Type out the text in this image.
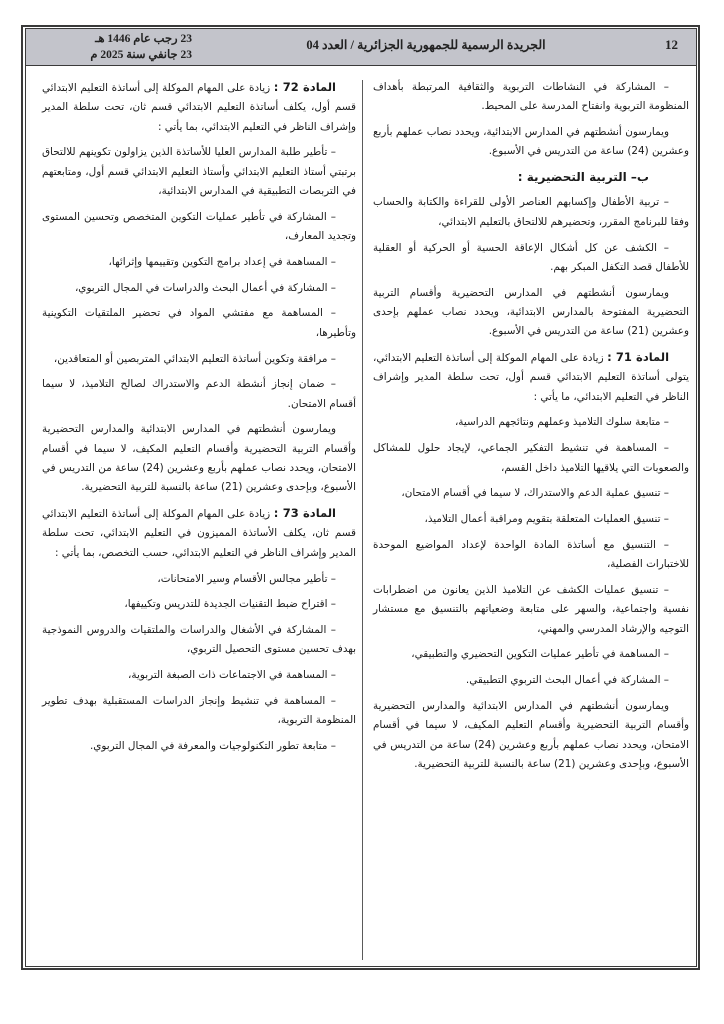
12
الجريدة الرسمية للجمهورية الجزائرية / العدد 04
23 رجب عام 1446 هـ
23 جانفي سنة 2025 م

– المشاركة في النشاطات التربوية والثقافية المرتبطة بأهداف المنظومة التربوية وانفتاح المدرسة على المحيط.

ويمارسون أنشطتهم في المدارس الابتدائية، ويحدد نصاب عملهم بأربع وعشرين (24) ساعة من التدريس في الأسبوع.

ب– التربية التحضيرية :

– تربية الأطفال وإكسابهم العناصر الأولى للقراءة والكتابة والحساب وفقا للبرنامج المقرر، وتحضيرهم للالتحاق بالتعليم الابتدائي،

– الكشف عن كل أشكال الإعاقة الحسية أو الحركية أو العقلية للأطفال قصد التكفل المبكر بهم.

ويمارسون أنشطتهم في المدارس التحضيرية وأقسام التربية التحضيرية المفتوحة بالمدارس الابتدائية، ويحدد نصاب عملهم بإحدى وعشرين (21) ساعة من التدريس في الأسبوع.

المادة 71 : زيادة على المهام الموكلة إلى أساتذة التعليم الابتدائي، يتولى أساتذة التعليم الابتدائي قسم أول، تحت سلطة المدير وإشراف الناظر في التعليم الابتدائي، ما يأتي :

– متابعة سلوك التلاميذ وعملهم ونتائجهم الدراسية،

– المساهمة في تنشيط التفكير الجماعي، لإيجاد حلول للمشاكل والصعوبات التي يلاقيها التلاميذ داخل القسم،

– تنسيق عملية الدعم والاستدراك، لا سيما في أقسام الامتحان،

– تنسيق العمليات المتعلقة بتقويم ومراقبة أعمال التلاميذ،

– التنسيق مع أساتذة المادة الواحدة لإعداد المواضيع الموحدة للاختبارات الفصلية،

– تنسيق عمليات الكشف عن التلاميذ الذين يعانون من اضطرابات نفسية واجتماعية، والسهر على متابعة وضعياتهم بالتنسيق مع مستشار التوجيه والإرشاد المدرسي والمهني،

– المساهمة في تأطير عمليات التكوين التحضيري والتطبيقي،

– المشاركة في أعمال البحث التربوي التطبيقي.

ويمارسون أنشطتهم في المدارس الابتدائية والمدارس التحضيرية وأقسام التربية التحضيرية وأقسام التعليم المكيف، لا سيما في أقسام الامتحان، ويحدد نصاب عملهم بأربع وعشرين (24) ساعة من التدريس في الأسبوع، وبإحدى وعشرين (21) ساعة بالنسبة للتربية التحضيرية.

المادة 72 : زيادة على المهام الموكلة إلى أساتذة التعليم الابتدائي قسم أول، يكلف أساتذة التعليم الابتدائي قسم ثان، تحت سلطة المدير وإشراف الناظر في التعليم الابتدائي، بما يأتي :

– تأطير طلبة المدارس العليا للأساتذة الذين يزاولون تكوينهم للالتحاق برتبتي أستاذ التعليم الابتدائي وأستاذ التعليم الابتدائي قسم أول، ومتابعتهم في التربصات التطبيقية في المدارس الابتدائية،

– المشاركة في تأطير عمليات التكوين المتخصص وتحسين المستوى وتجديد المعارف،

– المساهمة في إعداد برامج التكوين وتقييمها وإثرائها،

– المشاركة في أعمال البحث والدراسات في المجال التربوي،

– المساهمة مع مفتشي المواد في تحضير الملتقيات التكوينية وتأطيرها،

– مرافقة وتكوين أساتذة التعليم الابتدائي المتربصين أو المتعاقدين،

– ضمان إنجاز أنشطة الدعم والاستدراك لصالح التلاميذ، لا سيما أقسام الامتحان.

ويمارسون أنشطتهم في المدارس الابتدائية والمدارس التحضيرية وأقسام التربية التحضيرية وأقسام التعليم المكيف، لا سيما في أقسام الامتحان، ويحدد نصاب عملهم بأربع وعشرين (24) ساعة من التدريس في الأسبوع، وبإحدى وعشرين (21) ساعة بالنسبة للتربية التحضيرية.

المادة 73 : زيادة على المهام الموكلة إلى أساتذة التعليم الابتدائي قسم ثان، يكلف الأساتذة المميزون في التعليم الابتدائي، تحت سلطة المدير وإشراف الناظر في التعليم الابتدائي، حسب التخصص، بما يأتي :

– تأطير مجالس الأقسام وسير الامتحانات،

– اقتراح ضبط التقنيات الجديدة للتدريس وتكييفها،

– المشاركة في الأشغال والدراسات والملتقيات والدروس النموذجية بهدف تحسين مستوى التحصيل التربوي،

– المساهمة في الاجتماعات ذات الصبغة التربوية،

– المساهمة في تنشيط وإنجاز الدراسات المستقبلية بهدف تطوير المنظومة التربوية،

– متابعة تطور التكنولوجيات والمعرفة في المجال التربوي.
